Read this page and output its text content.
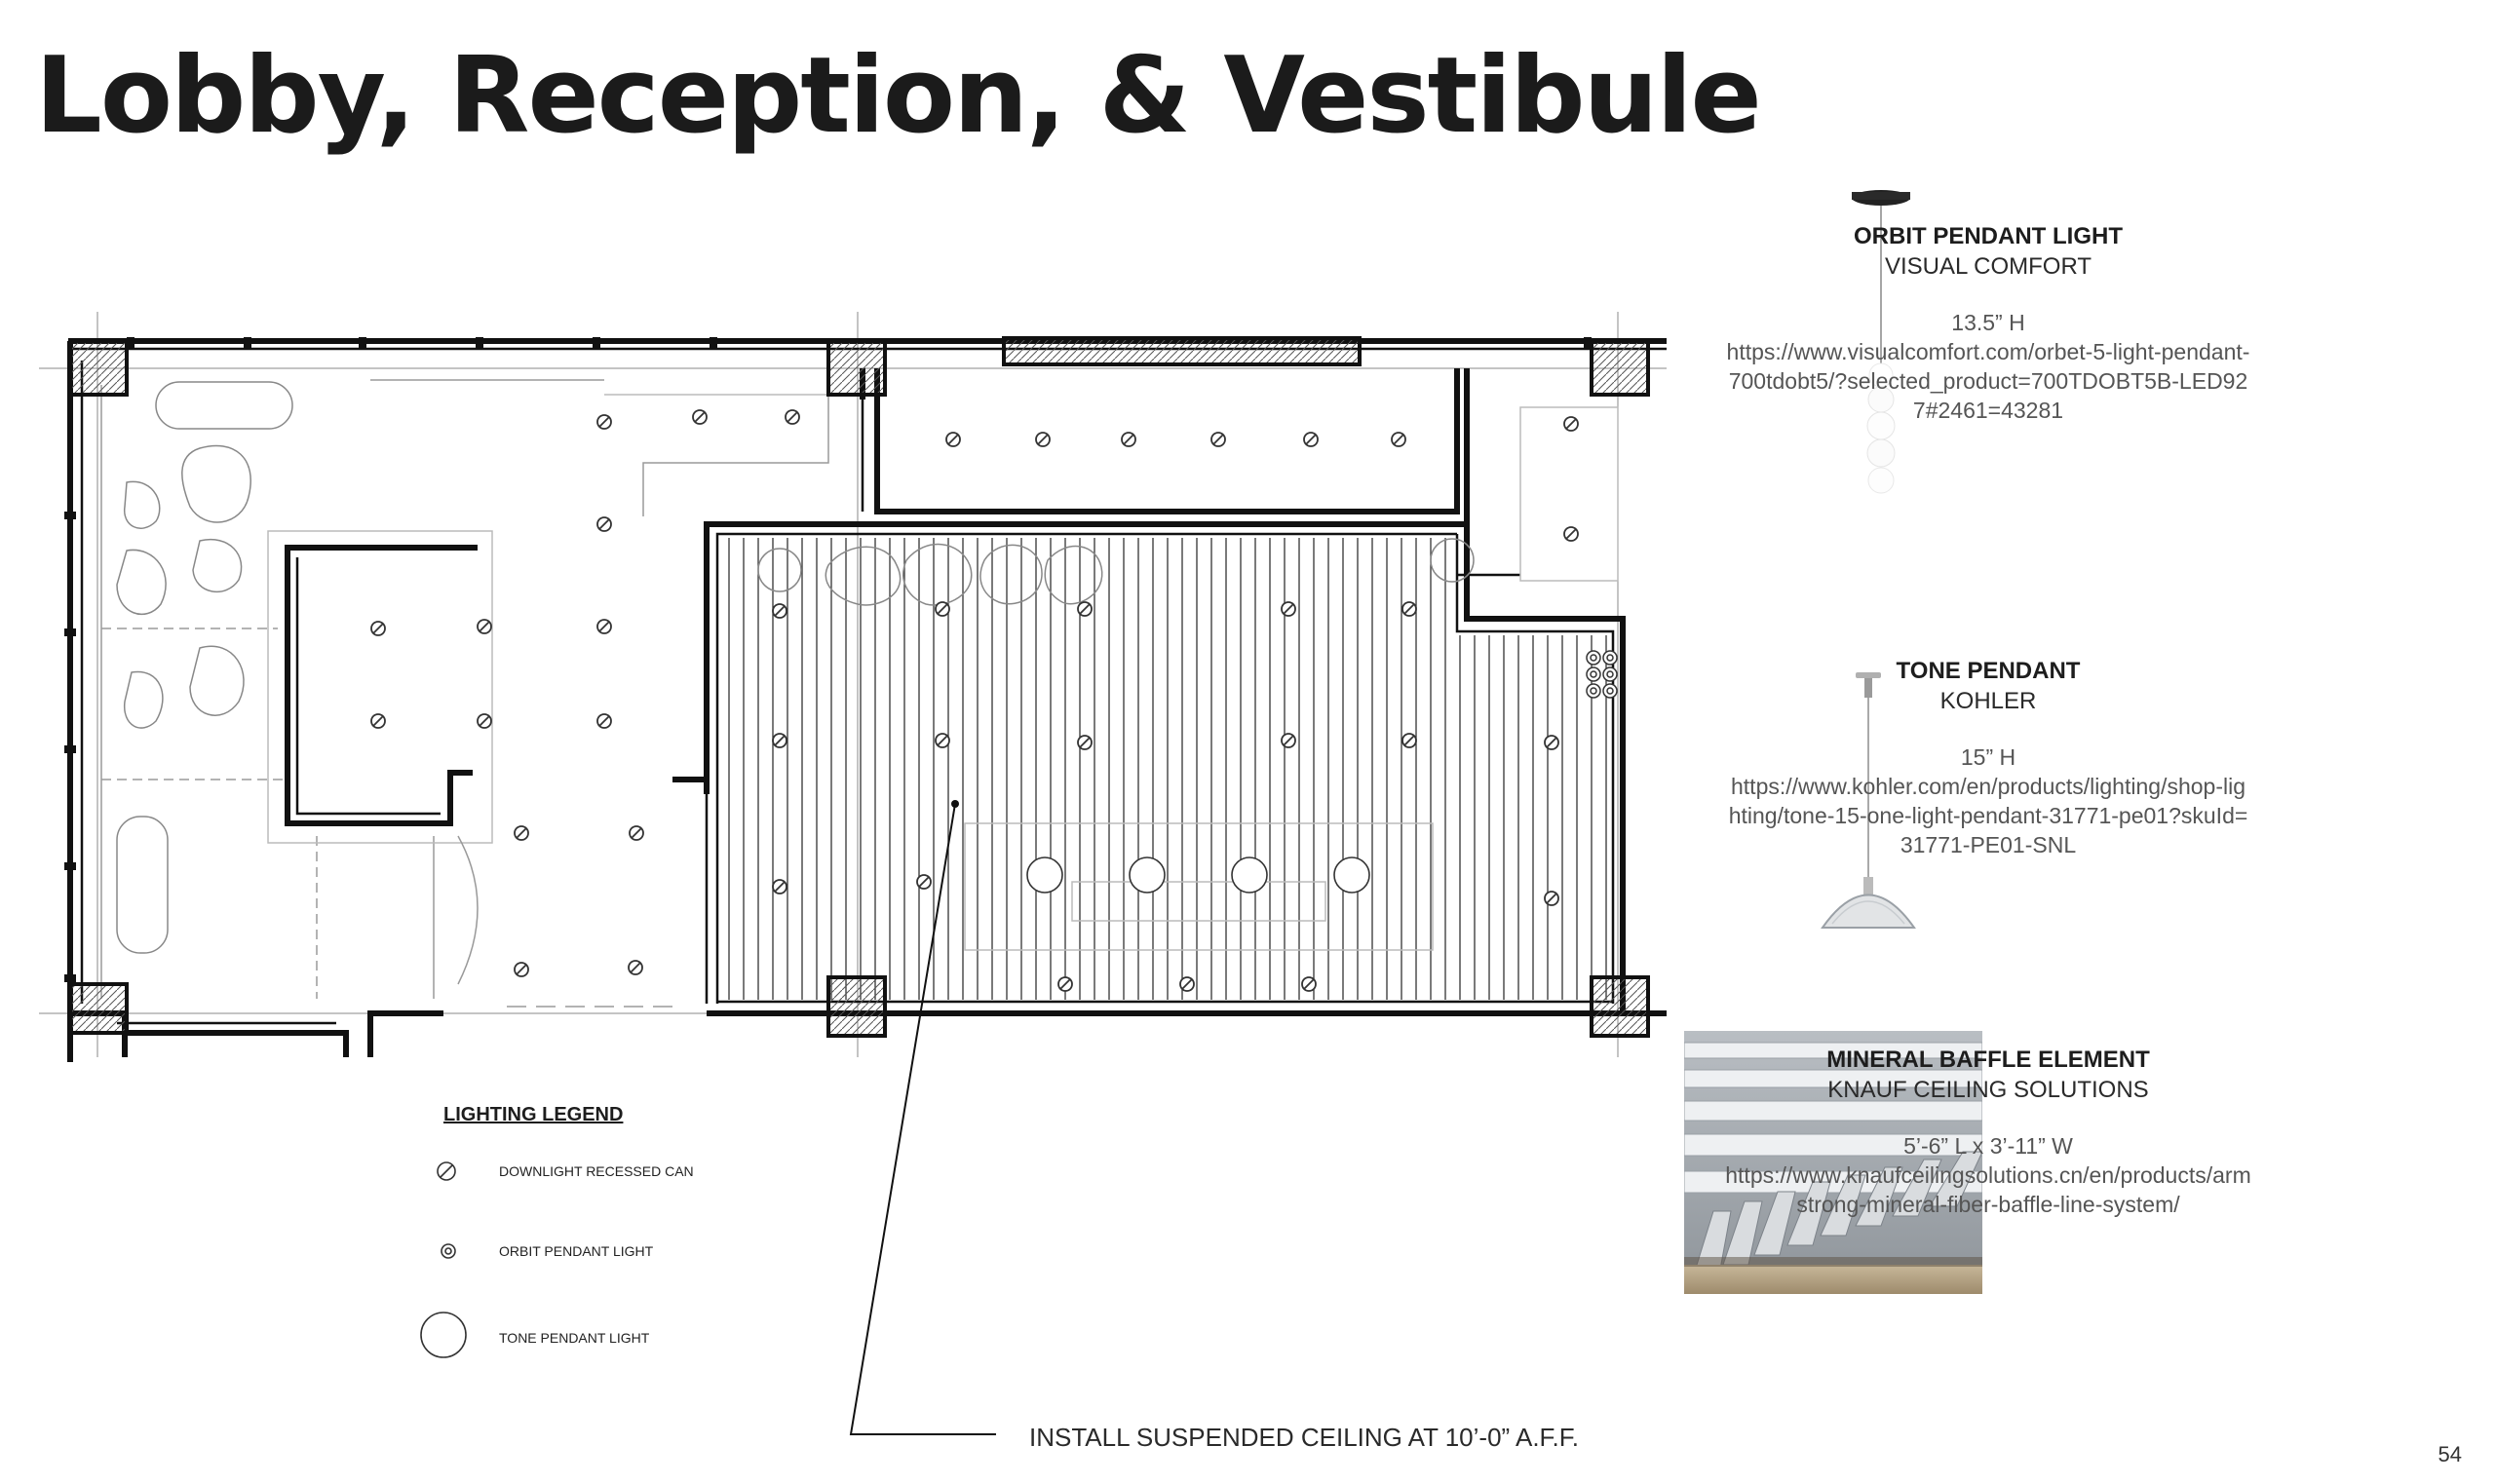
Lobby, Reception, & Vestibule
LIGHTING LEGEND
DOWNLIGHT RECESSED CAN
ORBIT PENDANT LIGHT
TONE PENDANT LIGHT
INSTALL SUSPENDED CEILING AT 10’-0” A.F.F.
ORBIT PENDANT LIGHT
VISUAL COMFORT
13.5” H
https://www.visualcomfort.com/orbet-5-light-pendant-700tdobt5/?selected_product=700TDOBT5B-LED927#2461=43281
TONE PENDANT
KOHLER
15” H
https://www.kohler.com/en/products/lighting/shop-lighting/tone-15-one-light-pendant-31771-pe01?skuId=31771-PE01-SNL
MINERAL BAFFLE ELEMENT
KNAUF CEILING SOLUTIONS
5’-6” L x 3’-11” W
https://www.knaufceilingsolutions.cn/en/products/armstrong-mineral-fiber-baffle-line-system/
54
